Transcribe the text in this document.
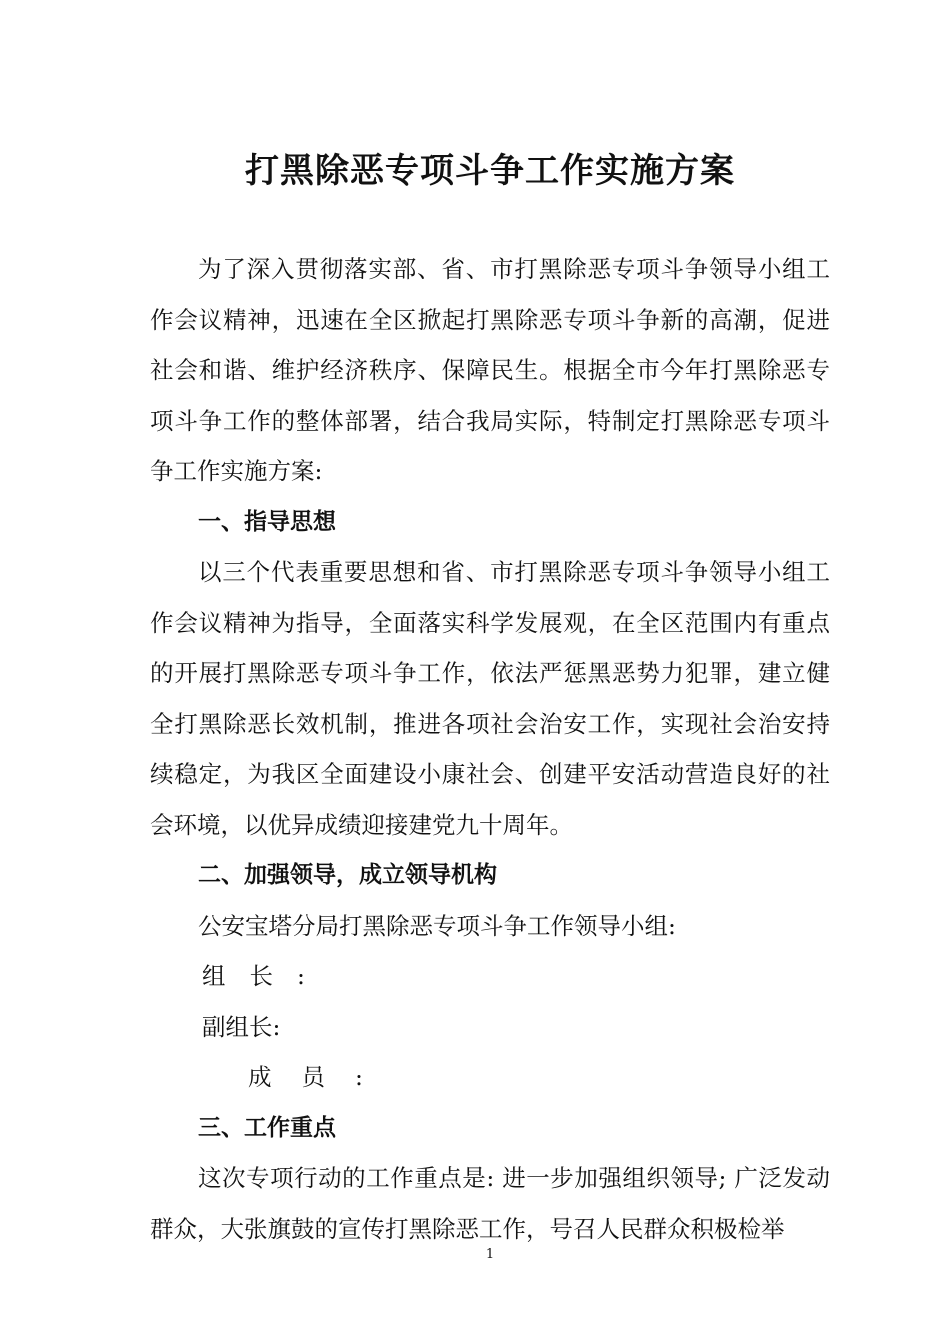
打黑除恶专项斗争工作实施方案

为了深入贯彻落实部、省、市打黑除恶专项斗争领导小组工作会议精神，迅速在全区掀起打黑除恶专项斗争新的高潮，促进社会和谐、维护经济秩序、保障民生。根据全市今年打黑除恶专项斗争工作的整体部署，结合我局实际，特制定打黑除恶专项斗争工作实施方案:

一、指导思想

以三个代表重要思想和省、市打黑除恶专项斗争领导小组工作会议精神为指导，全面落实科学发展观，在全区范围内有重点的开展打黑除恶专项斗争工作，依法严惩黑恶势力犯罪，建立健全打黑除恶长效机制，推进各项社会治安工作，实现社会治安持续稳定，为我区全面建设小康社会、创建平安活动营造良好的社会环境，以优异成绩迎接建党九十周年。

二、加强领导，成立领导机构

公安宝塔分局打黑除恶专项斗争工作领导小组:

组长:

副组长:

成员:

三、工作重点

这次专项行动的工作重点是: 进一步加强组织领导; 广泛发动群众，大张旗鼓的宣传打黑除恶工作，号召人民群众积极检举

1
